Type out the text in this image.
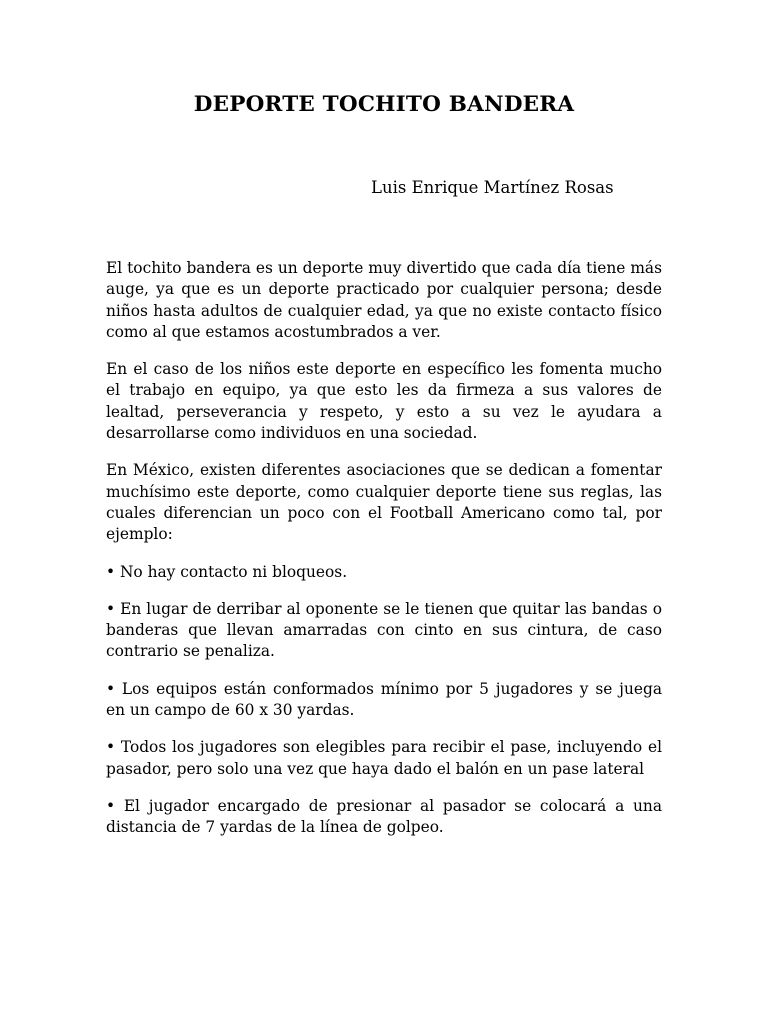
DEPORTE TOCHITO BANDERA

Luis Enrique Martínez Rosas

El tochito bandera es un deporte muy divertido que cada día tiene más auge, ya que es un deporte practicado por cualquier persona; desde niños hasta adultos de cualquier edad, ya que no existe contacto físico como al que estamos acostumbrados a ver.

En el caso de los niños este deporte en específico les fomenta mucho el trabajo en equipo, ya que esto les da firmeza a sus valores de lealtad, perseverancia y respeto, y esto a su vez le ayudara a desarrollarse como individuos en una sociedad.

En México, existen diferentes asociaciones que se dedican a fomentar muchísimo este deporte, como cualquier deporte tiene sus reglas, las cuales diferencian un poco con el Football Americano como tal, por ejemplo:

• No hay contacto ni bloqueos.

• En lugar de derribar al oponente se le tienen que quitar las bandas o banderas que llevan amarradas con cinto en sus cintura, de caso contrario se penaliza.

• Los equipos están conformados mínimo por 5 jugadores y se juega en un campo de 60 x 30 yardas.

• Todos los jugadores son elegibles para recibir el pase, incluyendo el pasador, pero solo una vez que haya dado el balón en un pase lateral

• El jugador encargado de presionar al pasador se colocará a una distancia de 7 yardas de la línea de golpeo.
